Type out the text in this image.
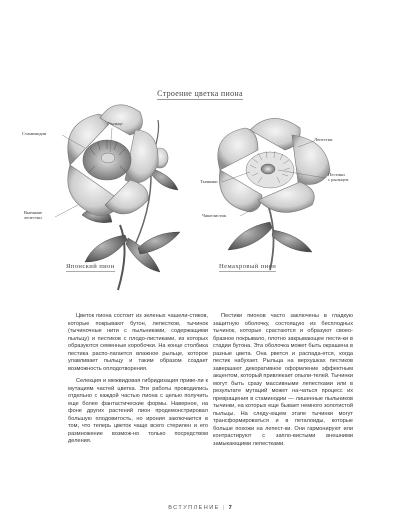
Строение цветка пиона
Стаминодии
Рыльце
Внешние
лепестки
Лепестки
Тычинки
Пестики
с рыльцем
Чашелистик
Японский пион	Немахровый пион

Цветок пиона состоит из зеленых чашели-стиков, которые покрывают бутон, лепестков, тычинок (тычиночные нити с пыльниками, содержащими пыльцу) и пестиков с плодо-листиками, из которых образуются семенные коробочки. На конце столбика пестика распо-лагается влажное рыльце, которое улавливает пыльцу и таким образом создает возможность оплодотворения.

Селекция и межвидовая гибридизация приве-ли к мутациям частей цветка. Эти работы проводились отдельно с каждой частью пиона с целью получить еще более фантастические формы. Наверное, на фоне других растений пион продемонстрировал большую плодовитость, но ирония заключается в том, что теперь цветок чаще всего стерилен и его размножение возмож-но только посредством деления.

Пестики пионов часто заключены в гладкую защитную оболочку, состоящую из бесплодных тычинок, которые срастаются и образуют своео-бразное покрывало, плотно закрывающее пести-ки в стадии бутона. Эта оболочка может быть окрашена в разные цвета. Она рвется и распада-ется, когда пестик набухает. Рыльца на верхушках пестиков завершают декоративное оформление эффектным акцентом, который привлекает опыли-телей. Тычинки могут быть сразу массивными лепестками или в результате мутаций может на-чаться процесс их превращения в стаминодии — лишенные пыльников тычинки, на которых еще бывает немного золотистой пыльцы. На следу-ющем этапе тычинки могут трансформироваться и в петалоиды, которые больше похожи на лепест-ки. Они гармонируют или контрастируют с запло-вистыми внешними замыкающими лепестками.

ВСТУПЛЕНИЕ | 7
